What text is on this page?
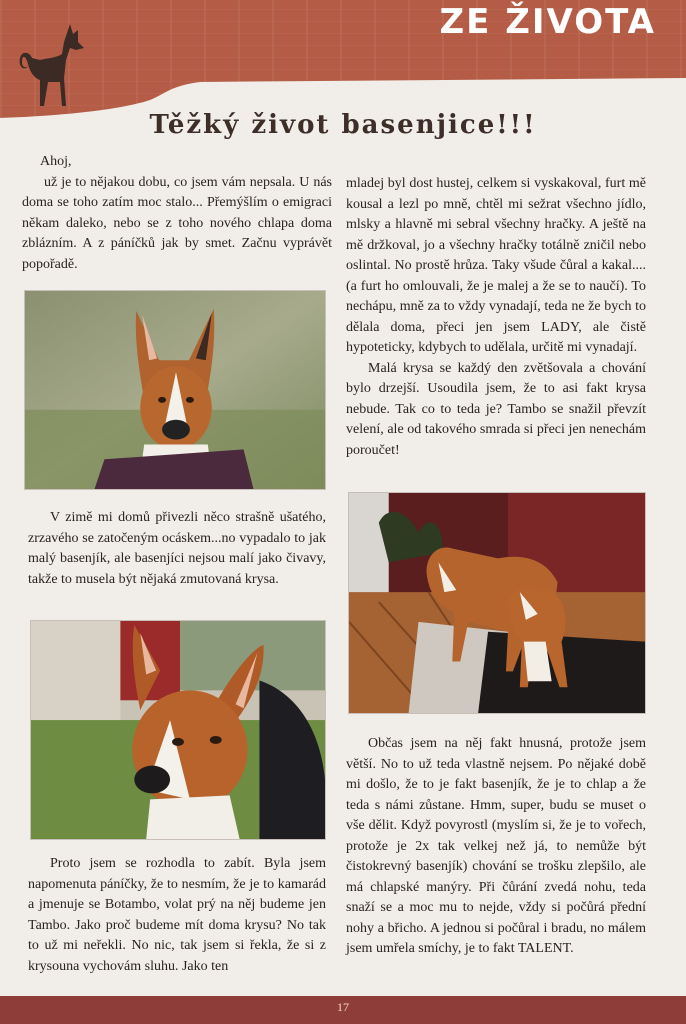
ZE ŽIVOTA
Těžký život basenjice!!!

Ahoj,

už je to nějakou dobu, co jsem vám nepsala. U nás doma se toho zatím moc stalo... Přemýšlím o emigraci někam daleko, nebo se z toho nového chlapa doma zblázním. A z páníčků jak by smet. Začnu vyprávět popořadě.

V zimě mi domů přivezli něco strašně ušatého, zrzavého se zatočeným ocáskem...no vypadalo to jak malý basenjík, ale basenjíci nejsou malí jako čivavy, takže to musela být nějaká zmutovaná krysa.

Proto jsem se rozhodla to zabít. Byla jsem napomenuta páníčky, že to nesmím, že je to kamarád a jmenuje se Botambo, volat prý na něj budeme jen Tambo. Jako proč budeme mít doma krysu? No tak to už mi neřekli. No nic, tak jsem si řekla, že si z krysouna vychovám sluhu. Jako ten

mladej byl dost hustej, celkem si vyskakoval, furt mě kousal a lezl po mně, chtěl mi sežrat všechno jídlo, mlsky a hlavně mi sebral všechny hračky. A ještě na mě držkoval, jo a všechny hračky totálně zničil nebo oslintal. No prostě hrůza. Taky všude čůral a kakal.... (a furt ho omlouvali, že je malej a že se to naučí). To nechápu, mně za to vždy vynadají, teda ne že bych to dělala doma, přeci jen jsem LADY, ale čistě hypoteticky, kdybych to udělala, určitě mi vynadají.

Malá krysa se každý den zvětšovala a chování bylo drzejší. Usoudila jsem, že to asi fakt krysa nebude. Tak co to teda je? Tambo se snažil převzít velení, ale od takového smrada si přeci jen nenechám poroučet!

Občas jsem na něj fakt hnusná, protože jsem větší. No to už teda vlastně nejsem. Po nějaké době mi došlo, že to je fakt basenjík, že je to chlap a že teda s námi zůstane. Hmm, super, budu se muset o vše dělit. Když povyrostl (myslím si, že je to vořech, protože je 2x tak velkej než já, to nemůže být čistokrevný basenjík) chování se trošku zlepšilo, ale má chlapské manýry. Při čůrání zvedá nohu, teda snaží se a moc mu to nejde, vždy si počůrá přední nohy a břicho. A jednou si počůral i bradu, no málem jsem umřela smíchy, je to fakt TALENT.

17
